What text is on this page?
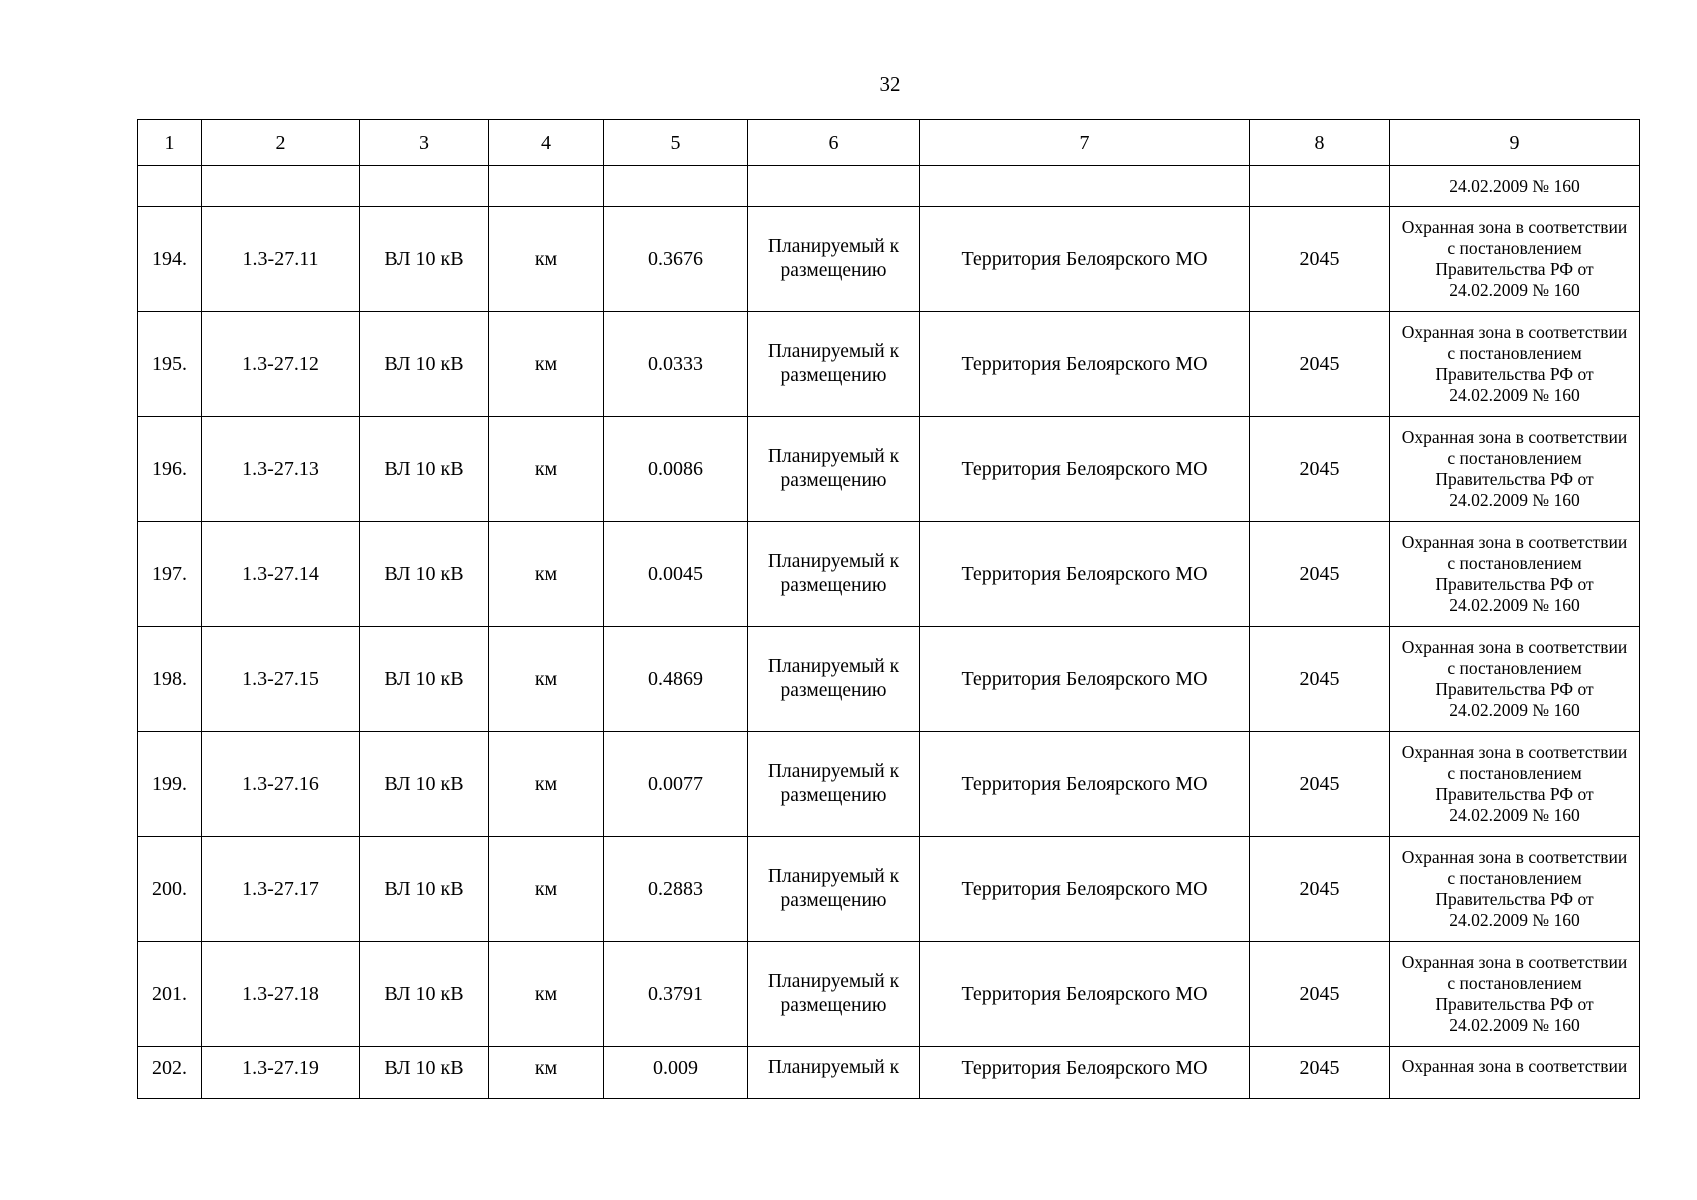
32
1	2	3	4	5	6	7	8	9

								24.02.2009 № 160

194.	1.3-27.11	ВЛ 10 кВ	км	0.3676	Планируемый к
размещению	Территория Белоярского МО	2045	Охранная зона в соответствии
с постановлением
Правительства РФ от
24.02.2009 № 160

195.	1.3-27.12	ВЛ 10 кВ	км	0.0333	Планируемый к
размещению	Территория Белоярского МО	2045	Охранная зона в соответствии
с постановлением
Правительства РФ от
24.02.2009 № 160

196.	1.3-27.13	ВЛ 10 кВ	км	0.0086	Планируемый к
размещению	Территория Белоярского МО	2045	Охранная зона в соответствии
с постановлением
Правительства РФ от
24.02.2009 № 160

197.	1.3-27.14	ВЛ 10 кВ	км	0.0045	Планируемый к
размещению	Территория Белоярского МО	2045	Охранная зона в соответствии
с постановлением
Правительства РФ от
24.02.2009 № 160

198.	1.3-27.15	ВЛ 10 кВ	км	0.4869	Планируемый к
размещению	Территория Белоярского МО	2045	Охранная зона в соответствии
с постановлением
Правительства РФ от
24.02.2009 № 160

199.	1.3-27.16	ВЛ 10 кВ	км	0.0077	Планируемый к
размещению	Территория Белоярского МО	2045	Охранная зона в соответствии
с постановлением
Правительства РФ от
24.02.2009 № 160

200.	1.3-27.17	ВЛ 10 кВ	км	0.2883	Планируемый к
размещению	Территория Белоярского МО	2045	Охранная зона в соответствии
с постановлением
Правительства РФ от
24.02.2009 № 160

201.	1.3-27.18	ВЛ 10 кВ	км	0.3791	Планируемый к
размещению	Территория Белоярского МО	2045	Охранная зона в соответствии
с постановлением
Правительства РФ от
24.02.2009 № 160

202.	1.3-27.19	ВЛ 10 кВ	км	0.009	Планируемый к	Территория Белоярского МО	2045	Охранная зона в соответствии
